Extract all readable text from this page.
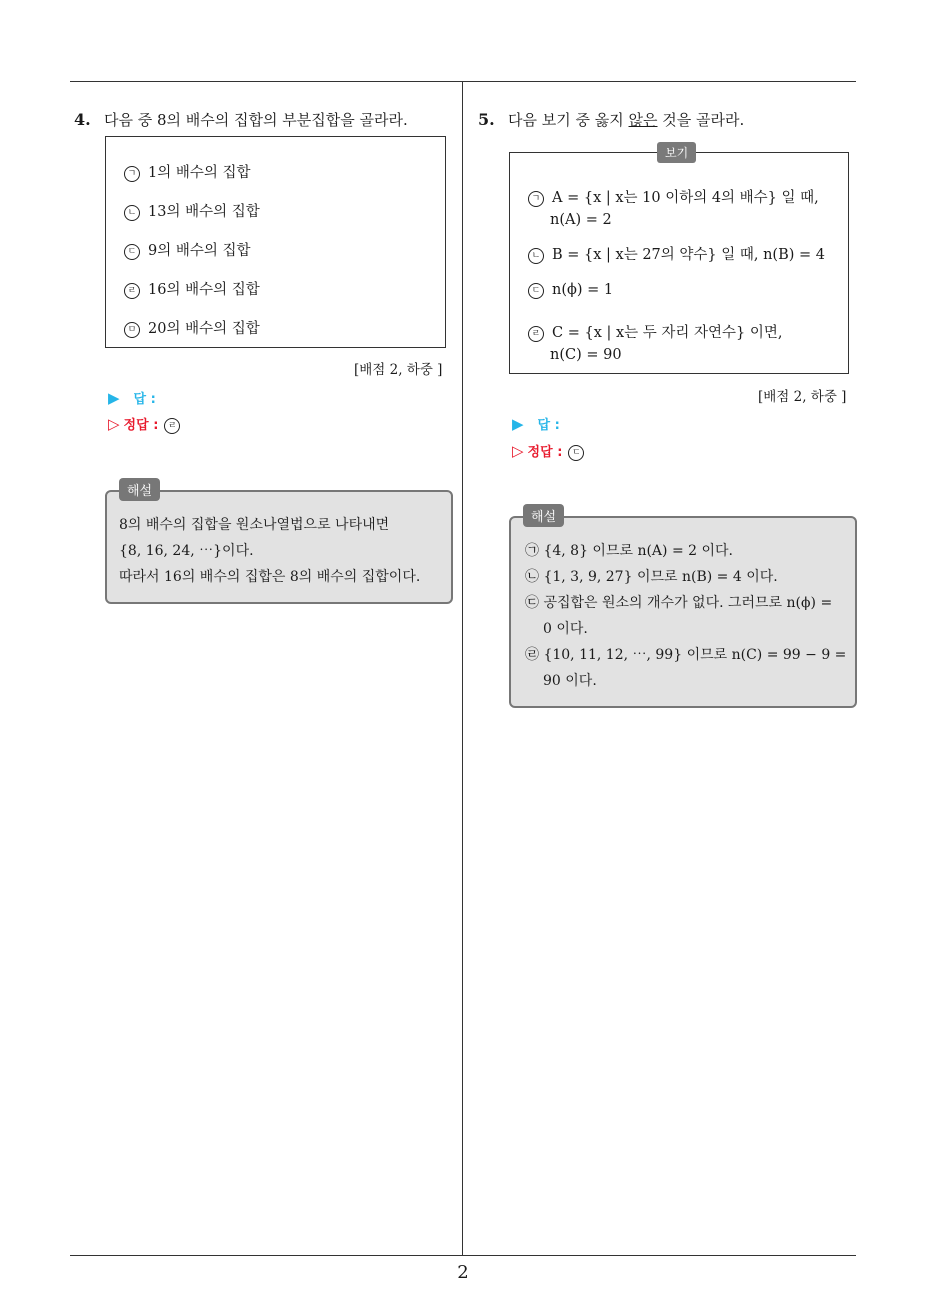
2
4. 다음 중 8의 배수의 집합의 부분집합을 골라라.
ㄱ 1의 배수의 집합
ㄴ 13의 배수의 집합
ㄷ 9의 배수의 집합
ㄹ 16의 배수의 집합
ㅁ 20의 배수의 집합
[배점 2, 하중 ]
▶ 답 :
▷ 정답 : ㄹ
8의 배수의 집합을 원소나열법으로 나타내면
{8, 16, 24, ⋯}이다.
따라서 16의 배수의 집합은 8의 배수의 집합이다.
해설
5. 다음 보기 중 옳지 않은 것을 골라라.
ㄱ A = {x | x는 10 이하의 4의 배수} 일 때,
n(A) = 2
ㄴ B = {x | x는 27의 약수} 일 때, n(B) = 4
ㄷ n(ϕ) = 1
ㄹ C = {x | x는 두 자리 자연수} 이면,
n(C) = 90
보기
[배점 2, 하중 ]
▶ 답 :
▷ 정답 : ㄷ
㉠ {4, 8} 이므로 n(A) = 2 이다.
㉡ {1, 3, 9, 27} 이므로 n(B) = 4 이다.
㉢ 공집합은 원소의 개수가 없다. 그러므로 n(ϕ) =
0 이다.
㉣ {10, 11, 12, ⋯, 99} 이므로 n(C) = 99 − 9 =
90 이다.
해설
